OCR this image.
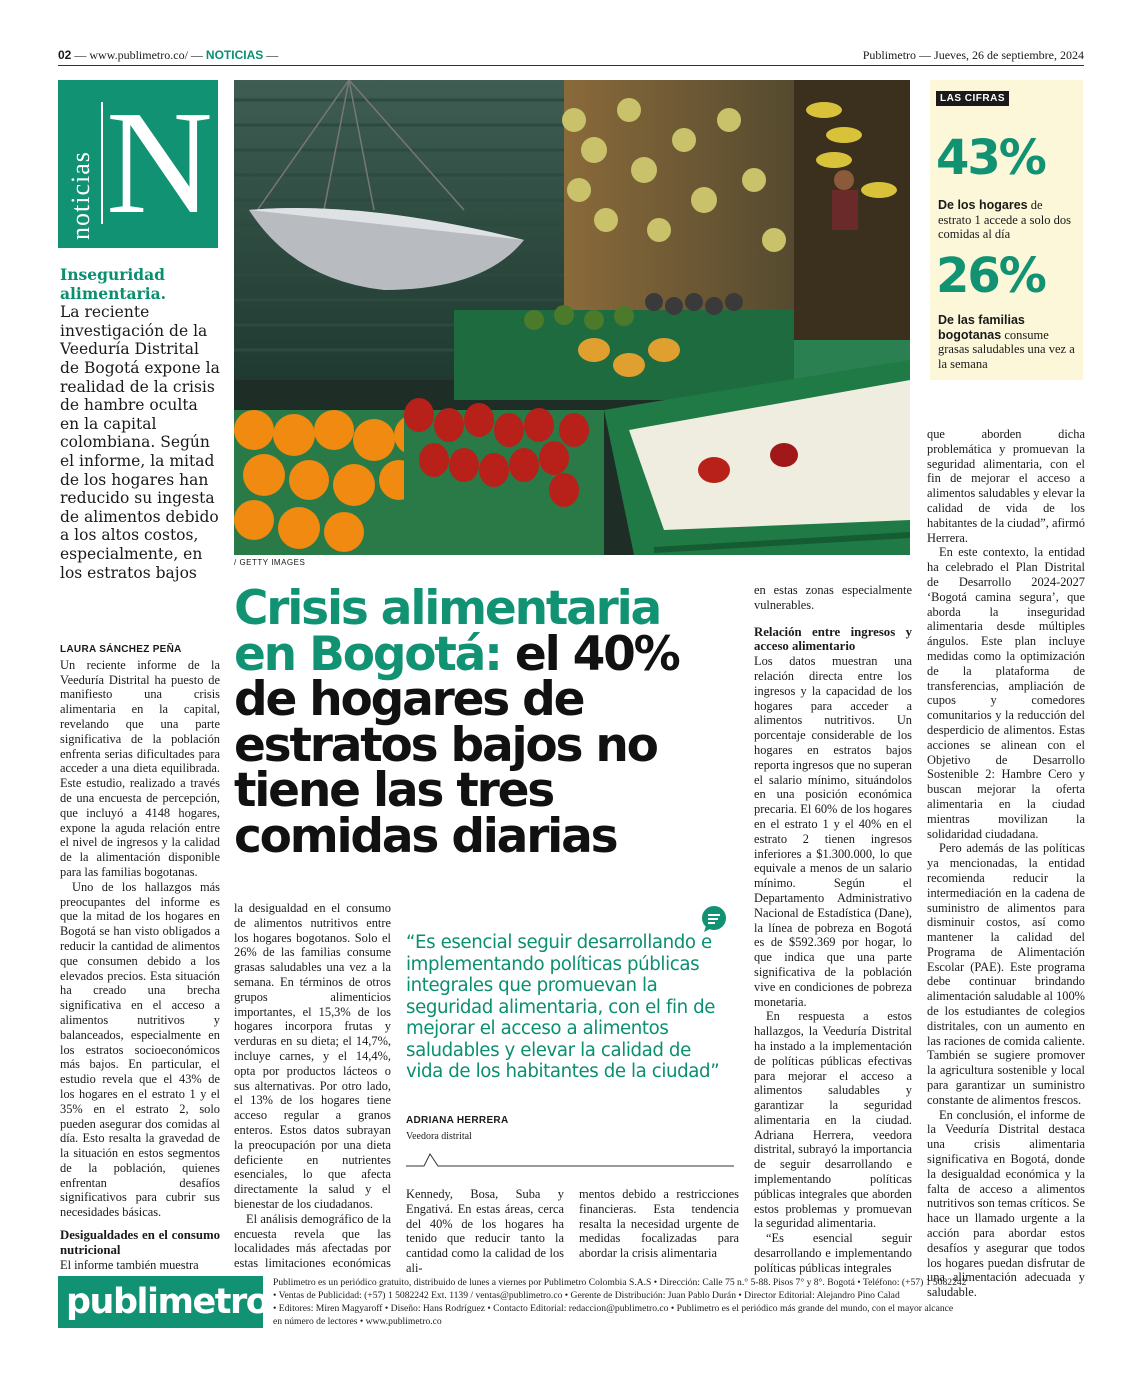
02 — www.publimetro.co/ — NOTICIAS —	Publimetro — Jueves, 26 de septiembre, 2024
noticias N
Inseguridad alimentaria.
La reciente investigación de la Veeduría Distrital de Bogotá expone la realidad de la crisis de hambre oculta en la capital colombiana. Según el informe, la mitad de los hogares han reducido su ingesta de alimentos debido a los altos costos, especialmente, en los estratos bajos
/ GETTY IMAGES
LAS CIFRAS
43%
De los hogares de estrato 1 accede a solo dos comidas al día
26%
De las familias bogotanas consume grasas saludables una vez a la semana
Crisis alimentaria en Bogotá: el 40% de hogares de estratos bajos no tiene las tres comidas diarias
LAURA SÁNCHEZ PEÑA

Un reciente informe de la Veeduría Distrital ha puesto de manifiesto una crisis alimentaria en la capital, revelando que una parte significativa de la población enfrenta serias dificultades para acceder a una dieta equilibrada. Este estudio, realizado a través de una encuesta de percepción, que incluyó a 4148 hogares, expone la aguda relación entre el nivel de ingresos y la calidad de la alimentación disponible para las familias bogotanas.

Uno de los hallazgos más preocupantes del informe es que la mitad de los hogares en Bogotá se han visto obligados a reducir la cantidad de alimentos que consumen debido a los elevados precios. Esta situación ha creado una brecha significativa en el acceso a alimentos nutritivos y balanceados, especialmente en los estratos socioeconómicos más bajos. En particular, el estudio revela que el 43% de los hogares en el estrato 1 y el 35% en el estrato 2, solo pueden asegurar dos comidas al día. Esto resalta la gravedad de la situación en estos segmentos de la población, quienes enfrentan desafíos significativos para cubrir sus necesidades básicas.

Desigualdades en el consumo nutricional

El informe también muestra

la desigualdad en el consumo de alimentos nutritivos entre los hogares bogotanos. Solo el 26% de las familias consume grasas saludables una vez a la semana. En términos de otros grupos alimenticios importantes, el 15,3% de los hogares incorpora frutas y verduras en su dieta; el 14,7%, incluye carnes, y el 14,4%, opta por productos lácteos o sus alternativas. Por otro lado, el 13% de los hogares tiene acceso regular a granos enteros. Estos datos subrayan la preocupación por una dieta deficiente en nutrientes esenciales, lo que afecta directamente la salud y el bienestar de los ciudadanos.

El análisis demográfico de la encuesta revela que las localidades más afectadas por estas limitaciones económicas

“Es esencial seguir desarrollando e implementando políticas públicas integrales que promuevan la seguridad alimentaria, con el fin de mejorar el acceso a alimentos saludables y elevar la calidad de vida de los habitantes de la ciudad”
ADRIANA HERRERA
Veedora distrital

Kennedy, Bosa, Suba y Engativá. En estas áreas, cerca del 40% de los hogares ha tenido que reducir tanto la cantidad como la calidad de los ali-

mentos debido a restricciones financieras. Esta tendencia resalta la necesidad urgente de medidas focalizadas para abordar la crisis alimentaria

en estas zonas especialmente vulnerables.

Relación entre ingresos y acceso alimentario

Los datos muestran una relación directa entre los ingresos y la capacidad de los hogares para acceder a alimentos nutritivos. Un porcentaje considerable de los hogares en estratos bajos reporta ingresos que no superan el salario mínimo, situándolos en una posición económica precaria. El 60% de los hogares en el estrato 1 y el 40% en el estrato 2 tienen ingresos inferiores a $1.300.000, lo que equivale a menos de un salario mínimo. Según el Departamento Administrativo Nacional de Estadística (Dane), la línea de pobreza en Bogotá es de $592.369 por hogar, lo que indica que una parte significativa de la población vive en condiciones de pobreza monetaria.

En respuesta a estos hallazgos, la Veeduría Distrital ha instado a la implementación de políticas públicas efectivas para mejorar el acceso a alimentos saludables y garantizar la seguridad alimentaria en la ciudad. Adriana Herrera, veedora distrital, subrayó la importancia de seguir desarrollando e implementando políticas públicas integrales que aborden estos problemas y promuevan la seguridad alimentaria.

“Es esencial seguir desarrollando e implementando políticas públicas integrales

que aborden dicha problemática y promuevan la seguridad alimentaria, con el fin de mejorar el acceso a alimentos saludables y elevar la calidad de vida de los habitantes de la ciudad”, afirmó Herrera.

En este contexto, la entidad ha celebrado el Plan Distrital de Desarrollo 2024-2027 ‘Bogotá camina segura’, que aborda la inseguridad alimentaria desde múltiples ángulos. Este plan incluye medidas como la optimización de la plataforma de transferencias, ampliación de cupos y comedores comunitarios y la reducción del desperdicio de alimentos. Estas acciones se alinean con el Objetivo de Desarrollo Sostenible 2: Hambre Cero y buscan mejorar la oferta alimentaria en la ciudad mientras movilizan la solidaridad ciudadana.

Pero además de las políticas ya mencionadas, la entidad recomienda reducir la intermediación en la cadena de suministro de alimentos para disminuir costos, así como mantener la calidad del Programa de Alimentación Escolar (PAE). Este programa debe continuar brindando alimentación saludable al 100% de los estudiantes de colegios distritales, con un aumento en las raciones de comida caliente. También se sugiere promover la agricultura sostenible y local para garantizar un suministro constante de alimentos frescos.

En conclusión, el informe de la Veeduría Distrital destaca una crisis alimentaria significativa en Bogotá, donde la desigualdad económica y la falta de acceso a alimentos nutritivos son temas críticos. Se hace un llamado urgente a la acción para abordar estos desafíos y asegurar que todos los hogares puedan disfrutar de una alimentación adecuada y saludable.

publimetro Publimetro es un periódico gratuito, distribuido de lunes a viernes por Publimetro Colombia S.A.S • Dirección: Calle 75 n.° 5-88. Pisos 7° y 8°. Bogotá • Teléfono: (+57) 1 5082242
• Ventas de Publicidad: (+57) 1 5082242 Ext. 1139 / ventas@publimetro.co • Gerente de Distribución: Juan Pablo Durán • Director Editorial: Alejandro Pino Calad
• Editores: Miren Magyaroff • Diseño: Hans Rodríguez • Contacto Editorial: redaccion@publimetro.co • Publimetro es el periódico más grande del mundo, con el mayor alcance
en número de lectores • www.publimetro.co
